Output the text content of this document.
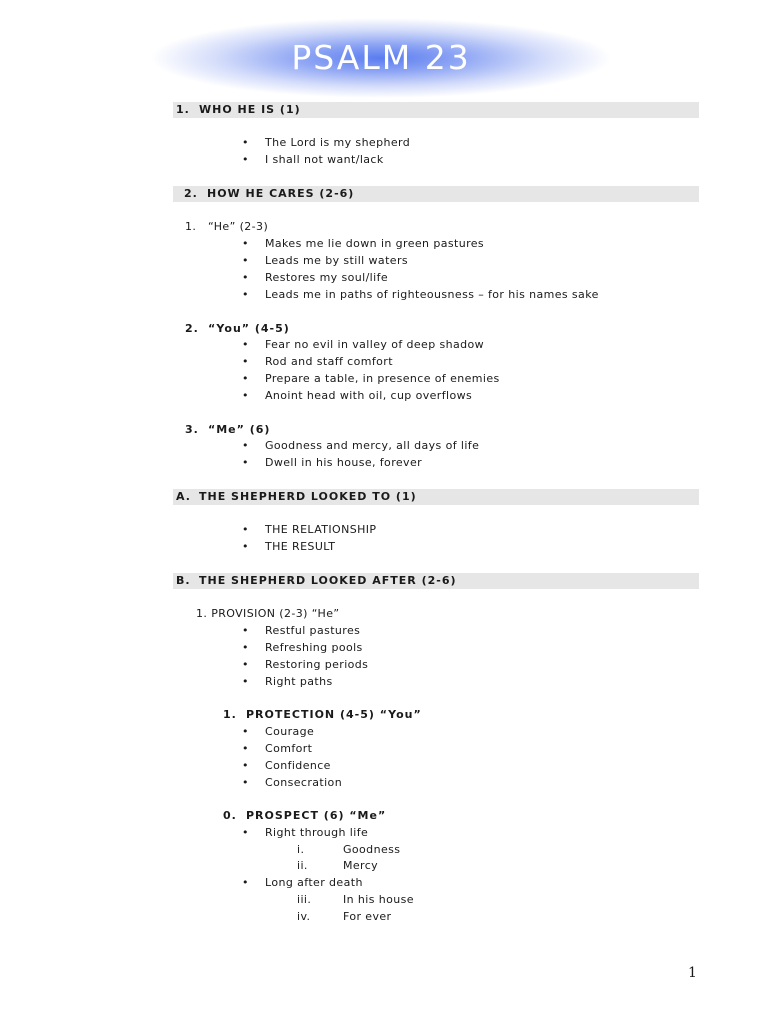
PSALM 23
1. WHO HE IS (1)
• The Lord is my shepherd
• I shall not want/lack
2. HOW HE CARES (2-6)
1. “He” (2-3)
• Makes me lie down in green pastures
• Leads me by still waters
• Restores my soul/life
• Leads me in paths of righteousness – for his names sake
2. “You” (4-5)
• Fear no evil in valley of deep shadow
• Rod and staff comfort
• Prepare a table, in presence of enemies
• Anoint head with oil, cup overflows
3. “Me” (6)
• Goodness and mercy, all days of life
• Dwell in his house, forever
A. THE SHEPHERD LOOKED TO (1)
• THE RELATIONSHIP
• THE RESULT
B. THE SHEPHERD LOOKED AFTER (2-6)
1. PROVISION (2-3) “He”
• Restful pastures
• Refreshing pools
• Restoring periods
• Right paths
1. PROTECTION (4-5) “You”
• Courage
• Comfort
• Confidence
• Consecration
0. PROSPECT (6) “Me”
• Right through life
i.	Goodness
ii.	Mercy
• Long after death
iii.	In his house
iv.	For ever
1
